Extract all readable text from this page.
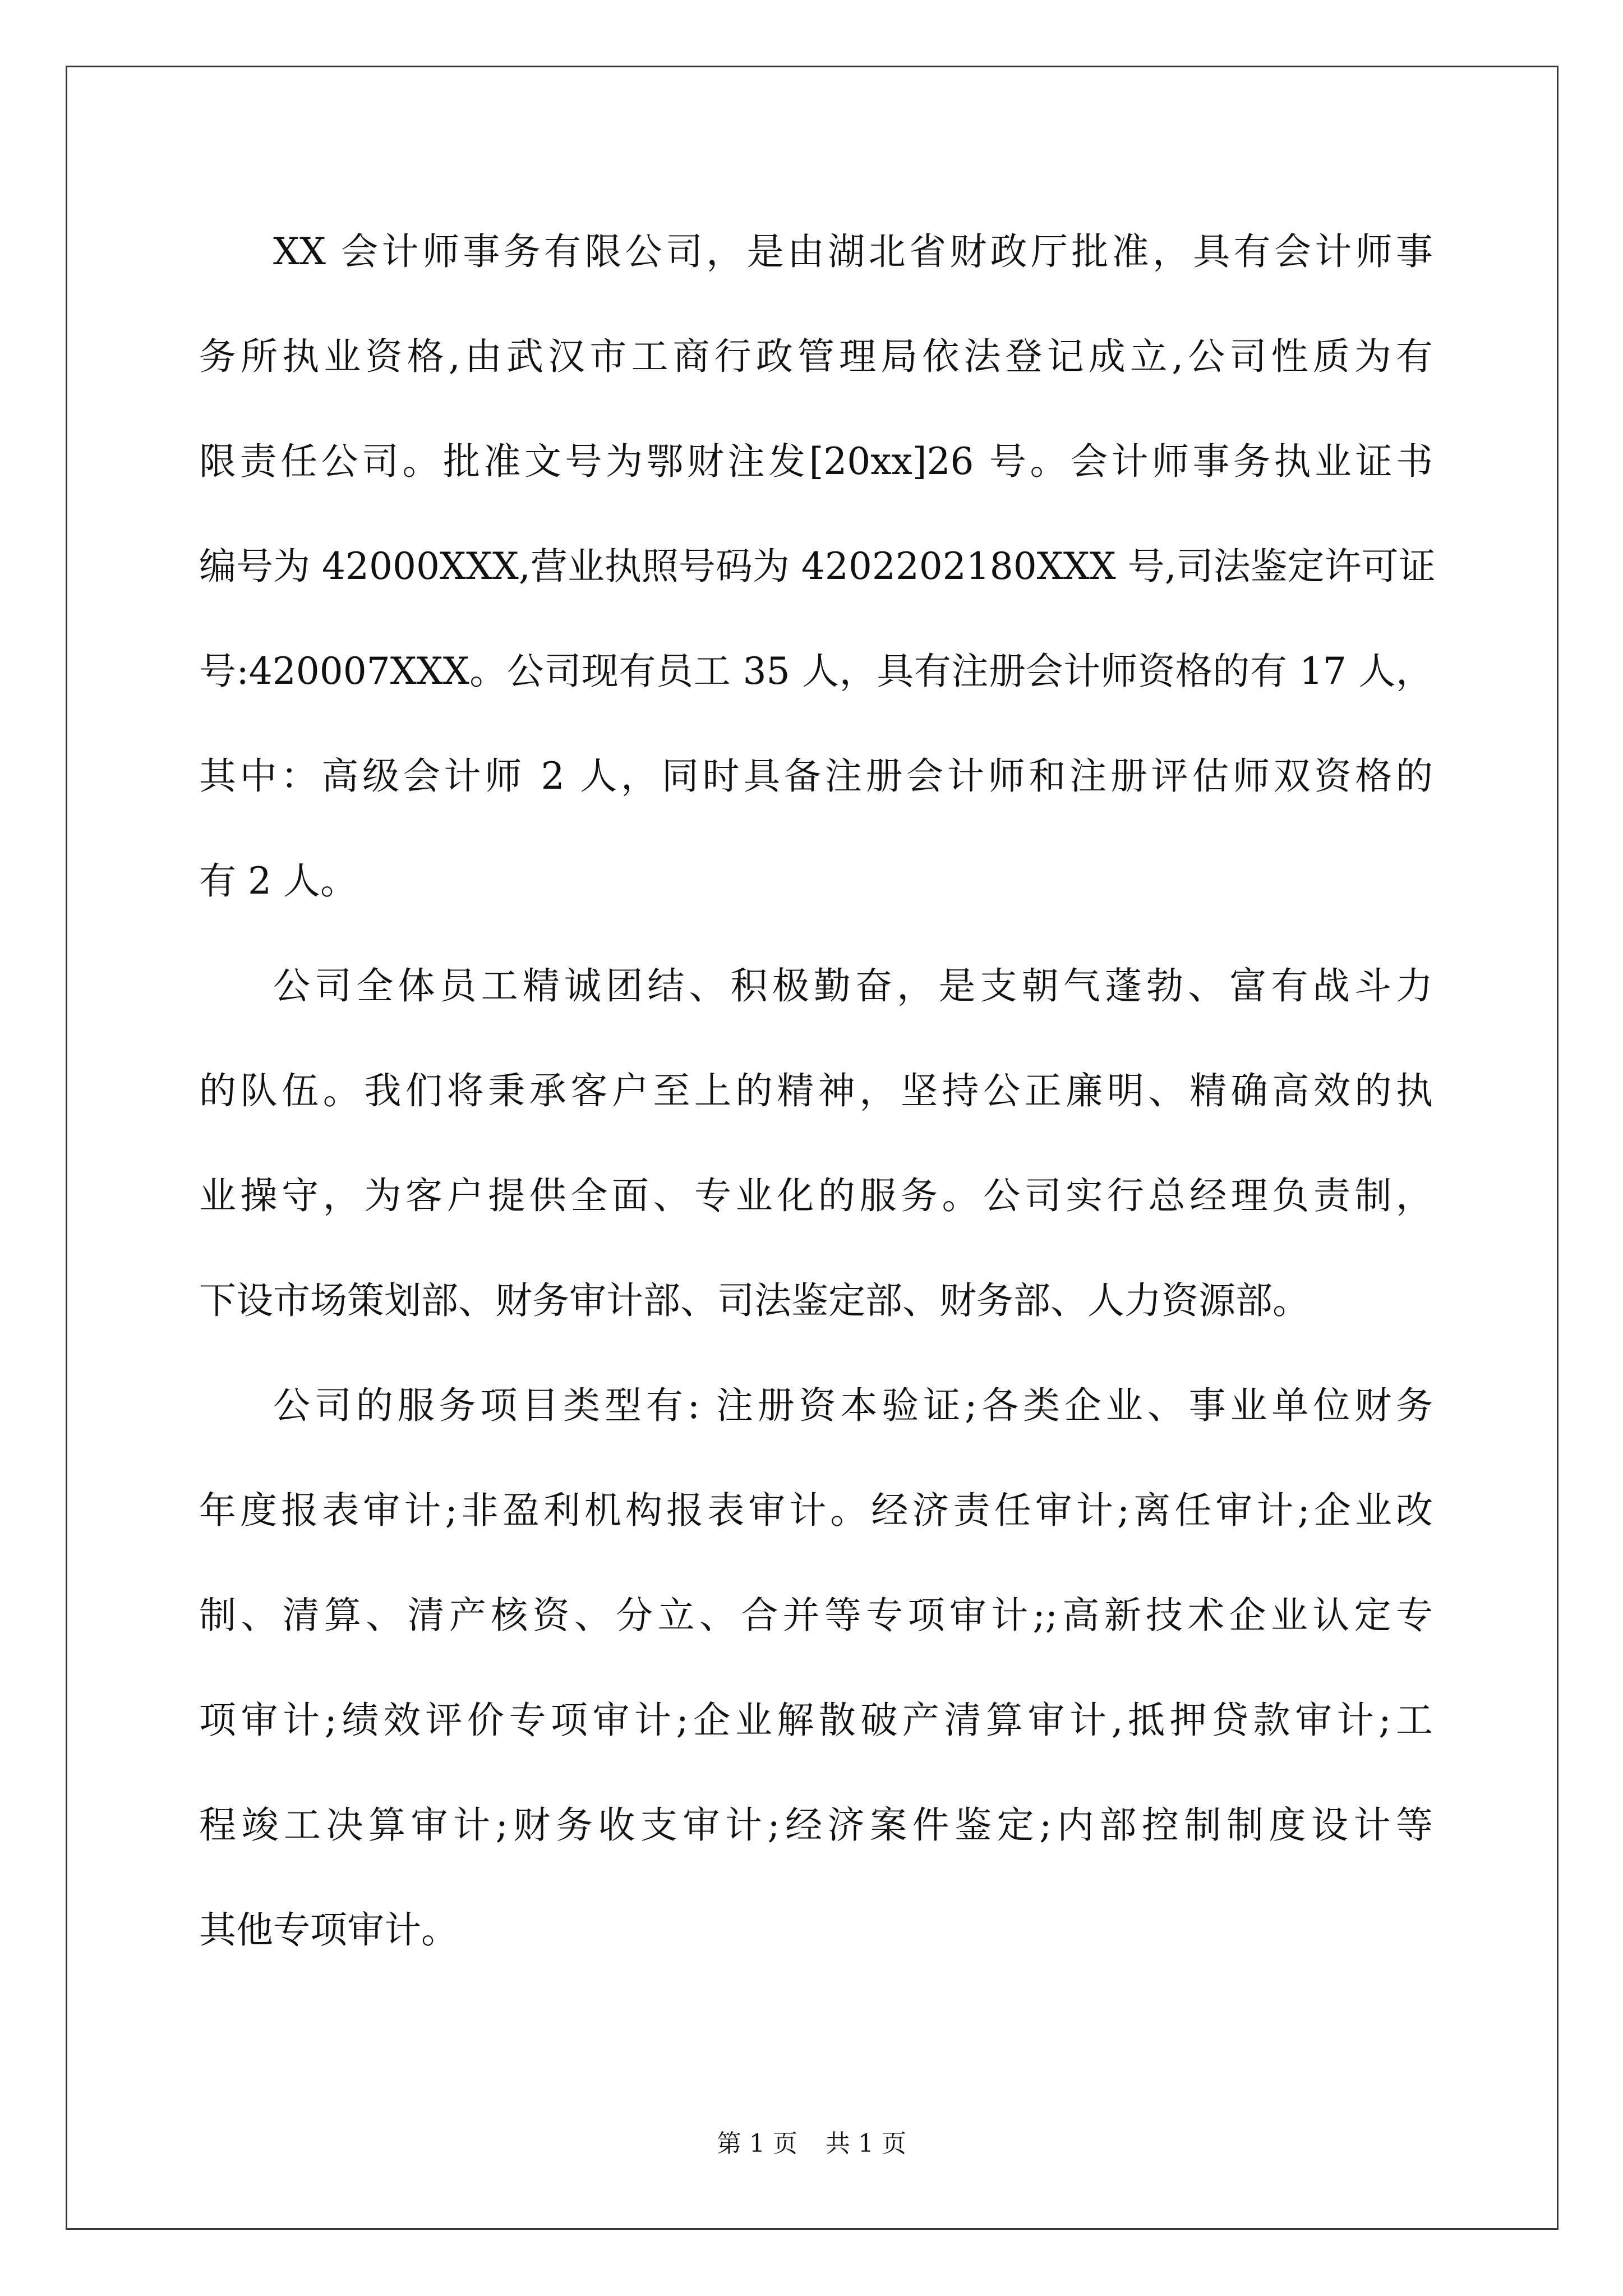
XX 会计师事务有限公司，是由湖北省财政厅批准，具有会计师事
务所执业资格,由武汉市工商行政管理局依法登记成立,公司性质为有
限责任公司。批准文号为鄂财注发[20xx]26 号。会计师事务执业证书
编号为 42000XXX,营业执照号码为 4202202180XXX 号,司法鉴定许可证
号:420007XXX。公司现有员工 35 人，具有注册会计师资格的有 17 人，
其中：高级会计师 2 人，同时具备注册会计师和注册评估师双资格的
有 2 人。
公司全体员工精诚团结、积极勤奋，是支朝气蓬勃、富有战斗力
的队伍。我们将秉承客户至上的精神，坚持公正廉明、精确高效的执
业操守，为客户提供全面、专业化的服务。公司实行总经理负责制，
下设市场策划部、财务审计部、司法鉴定部、财务部、人力资源部。
公司的服务项目类型有: 注册资本验证;各类企业、事业单位财务
年度报表审计;非盈利机构报表审计。经济责任审计;离任审计;企业改
制、清算、清产核资、分立、合并等专项审计;;高新技术企业认定专
项审计;绩效评价专项审计;企业解散破产清算审计,抵押贷款审计;工
程竣工决算审计;财务收支审计;经济案件鉴定;内部控制制度设计等
其他专项审计。
第 1 页 共 1 页
